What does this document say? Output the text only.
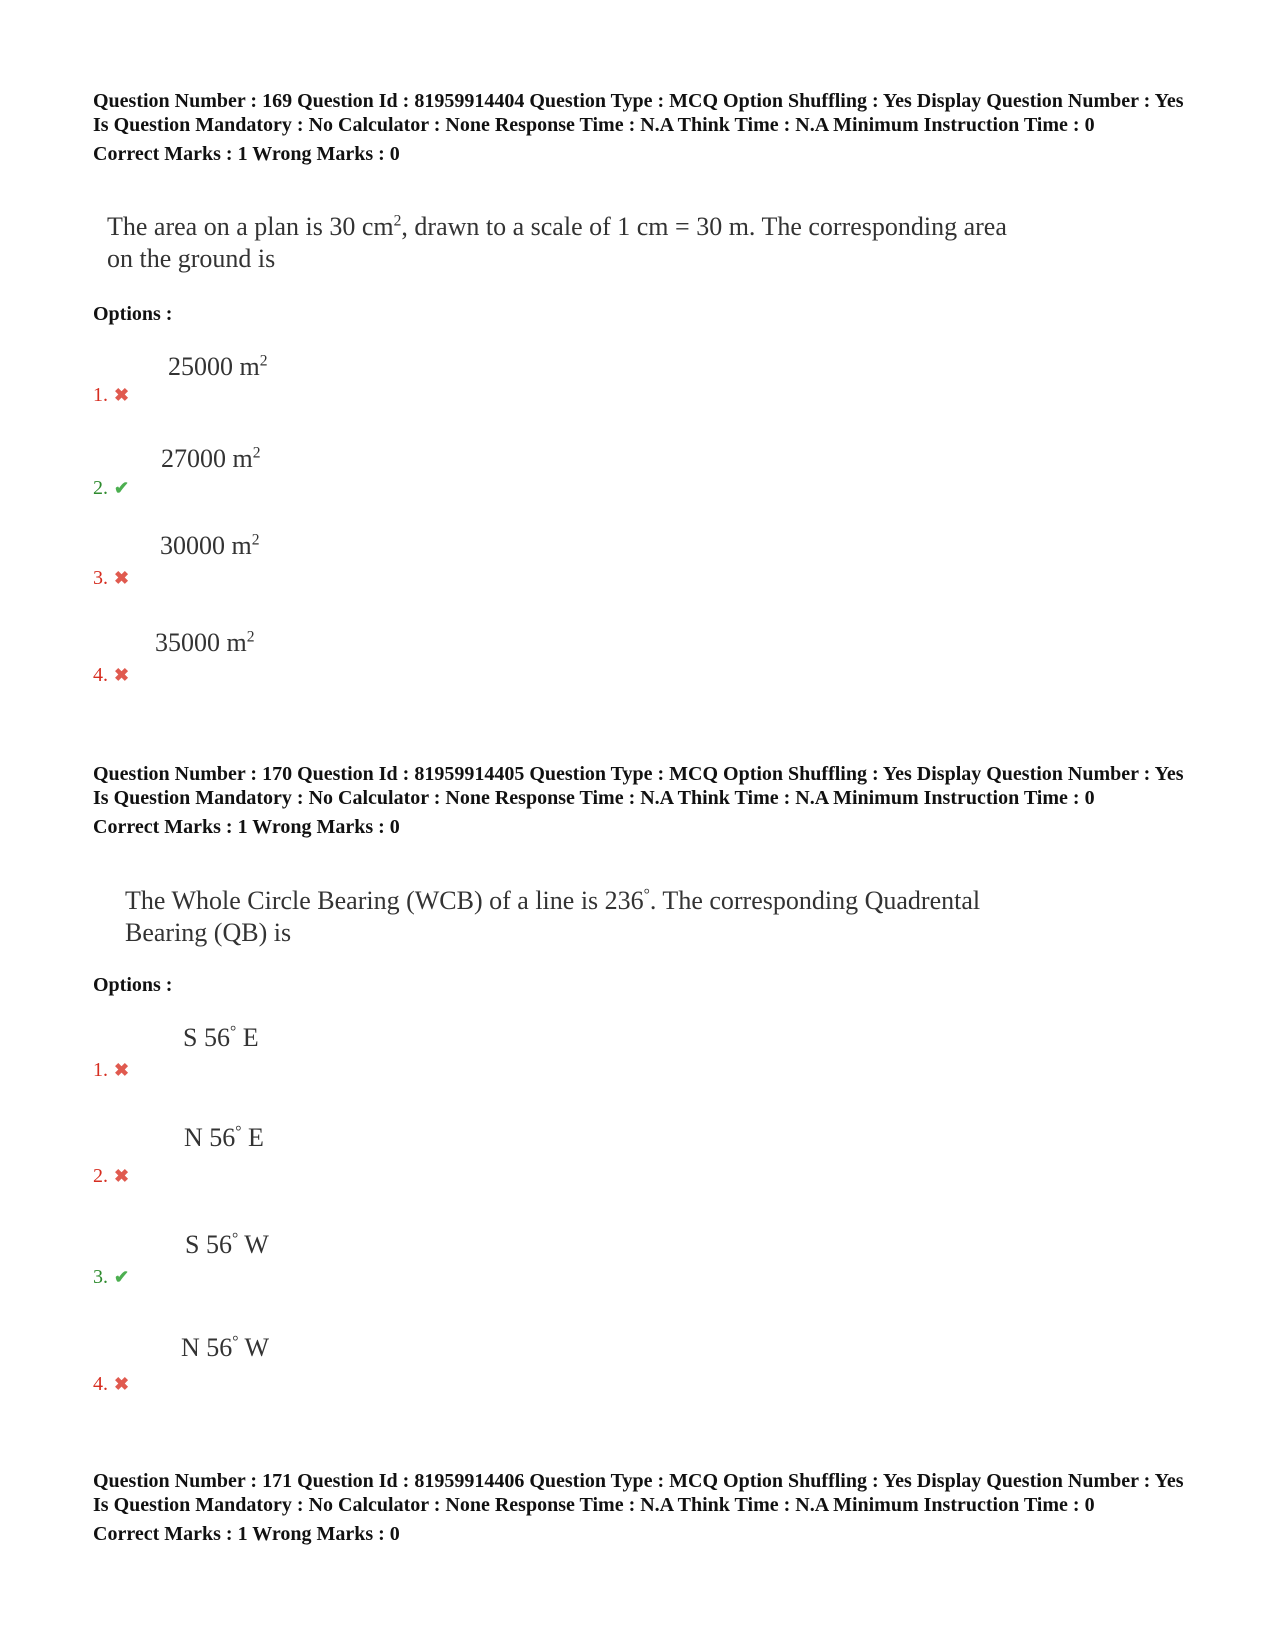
Question Number : 169 Question Id : 81959914404 Question Type : MCQ Option Shuffling : Yes Display Question Number : Yes Is Question Mandatory : No Calculator : None Response Time : N.A Think Time : N.A Minimum Instruction Time : 0

Correct Marks : 1 Wrong Marks : 0
The area on a plan is 30 $cm^2$, drawn to a scale of 1 cm = 30 m. The corresponding area
on the ground is
Options :
25000 $m^2$
1. ✖
27000 $m^2$
2. ✔
30000 $m^2$
3. ✖
35000 $m^2$
4. ✖

Question Number : 170 Question Id : 81959914405 Question Type : MCQ Option Shuffling : Yes Display Question Number : Yes Is Question Mandatory : No Calculator : None Response Time : N.A Think Time : N.A Minimum Instruction Time : 0

Correct Marks : 1 Wrong Marks : 0
The Whole Circle Bearing (WCB) of a line is 236°. The corresponding Quadrental
Bearing (QB) is
Options :
S 56° E
1. ✖
N 56° E
2. ✖
S 56° W
3. ✔
N 56° W
4. ✖

Question Number : 171 Question Id : 81959914406 Question Type : MCQ Option Shuffling : Yes Display Question Number : Yes Is Question Mandatory : No Calculator : None Response Time : N.A Think Time : N.A Minimum Instruction Time : 0

Correct Marks : 1 Wrong Marks : 0
